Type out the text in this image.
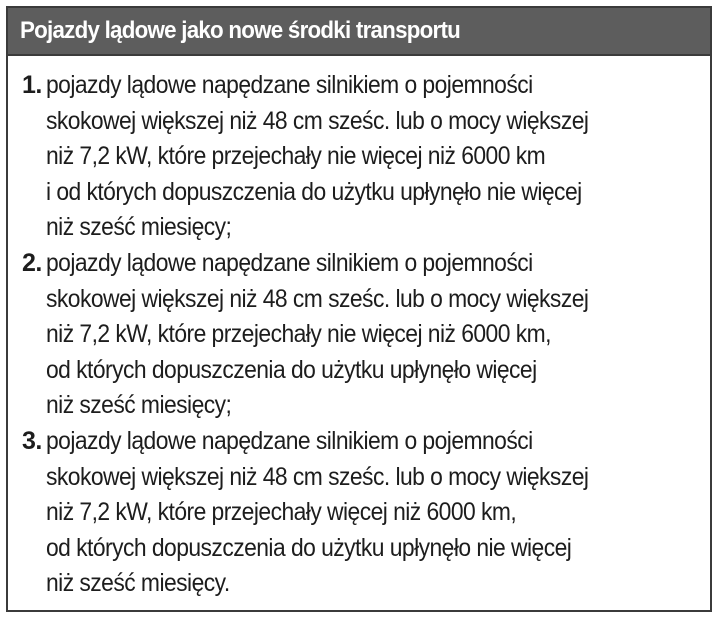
Pojazdy lądowe jako nowe środki transportu
1. pojazdy lądowe napędzane silnikiem o pojemności
skokowej większej niż 48 cm sześc. lub o mocy większej
niż 7,2 kW, które przejechały nie więcej niż 6000 km
i od których dopuszczenia do użytku upłynęło nie więcej
niż sześć miesięcy;
2. pojazdy lądowe napędzane silnikiem o pojemności
skokowej większej niż 48 cm sześc. lub o mocy większej
niż 7,2 kW, które przejechały nie więcej niż 6000 km,
od których dopuszczenia do użytku upłynęło więcej
niż sześć miesięcy;
3. pojazdy lądowe napędzane silnikiem o pojemności
skokowej większej niż 48 cm sześc. lub o mocy większej
niż 7,2 kW, które przejechały więcej niż 6000 km,
od których dopuszczenia do użytku upłynęło nie więcej
niż sześć miesięcy.
